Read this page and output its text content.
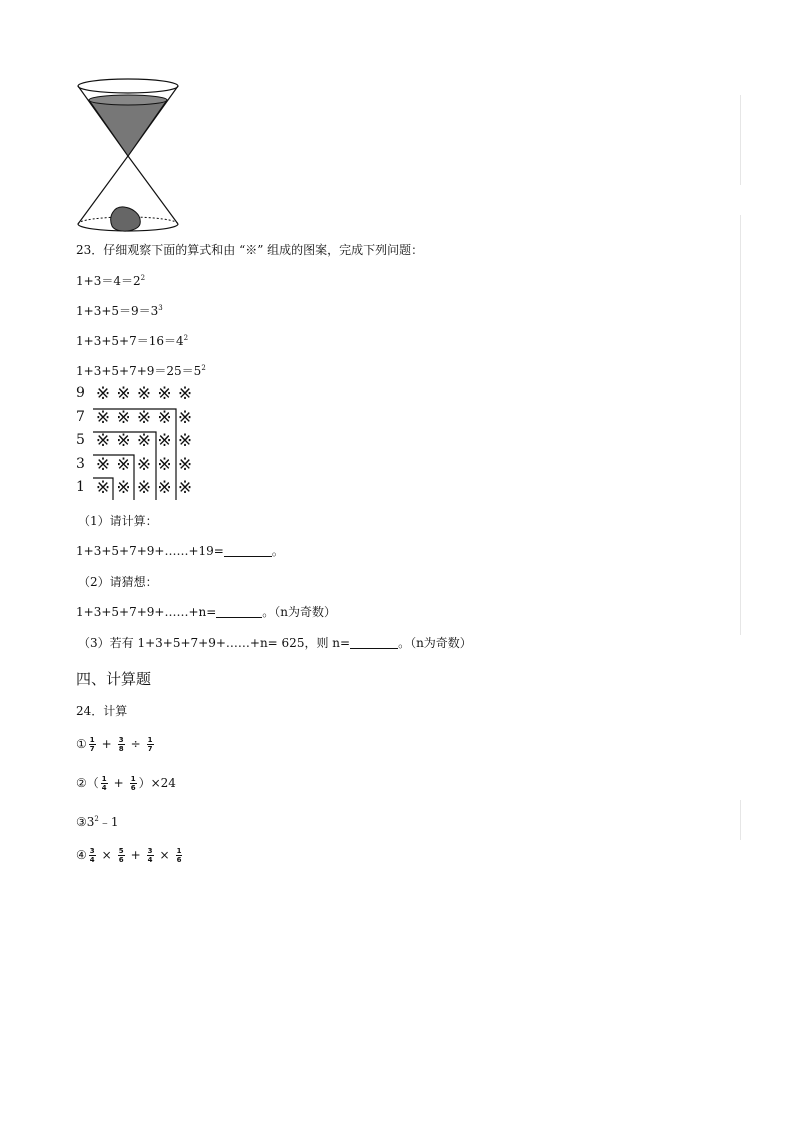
23．仔细观察下面的算式和由 “※” 组成的图案，完成下列问题：
$1+3=4=2^2$
$1+3+5=9=3^3$
$1+3+5+7=16=4^2$
$1+3+5+7+9=25=5^2$
9 ※ ※ ※ ※ ※
7 ※ ※ ※ ※ ※
5 ※ ※ ※ ※ ※
3 ※ ※ ※ ※ ※
1 ※ ※ ※ ※ ※
（1）请计算：
1+3+5+7+9+……+19=	。
（2）请猜想：
1+3+5+7+9+……+n=	。（n为奇数）
（3）若有 1+3+5+7+9+……+n= 625，则 n=	。（n为奇数）
四、计算题
24．计算
① $\frac{1}{7} + \frac{3}{8} \div \frac{1}{7}$
② （ $\frac{1}{4} + \frac{1}{6}$ ） ×24
$③3^2﹣1$
④ $\frac{3}{4} \times \frac{5}{6} + \frac{3}{4} \times \frac{1}{6}$
